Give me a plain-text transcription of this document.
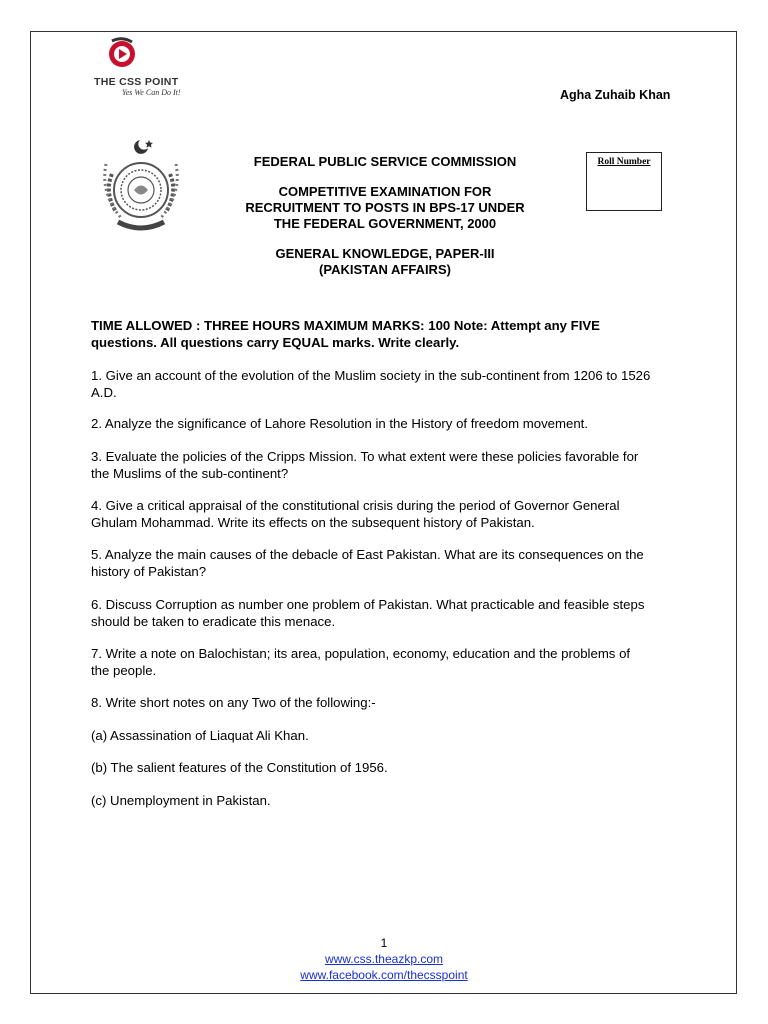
THE CSS POINT
Yes We Can Do It!	Agha Zuhaib Khan
FEDERAL PUBLIC SERVICE COMMISSION
COMPETITIVE EXAMINATION FOR
RECRUITMENT TO POSTS IN BPS-17 UNDER
THE FEDERAL GOVERNMENT, 2000
GENERAL KNOWLEDGE, PAPER-III
(PAKISTAN AFFAIRS)
Roll Number
TIME ALLOWED : THREE HOURS MAXIMUM MARKS: 100 Note: Attempt any FIVE
questions. All questions carry EQUAL marks. Write clearly.
1. Give an account of the evolution of the Muslim society in the sub-continent from 1206 to 1526
A.D.
2. Analyze the significance of Lahore Resolution in the History of freedom movement.
3. Evaluate the policies of the Cripps Mission. To what extent were these policies favorable for
the Muslims of the sub-continent?
4. Give a critical appraisal of the constitutional crisis during the period of Governor General
Ghulam Mohammad. Write its effects on the subsequent history of Pakistan.
5. Analyze the main causes of the debacle of East Pakistan. What are its consequences on the
history of Pakistan?
6. Discuss Corruption as number one problem of Pakistan. What practicable and feasible steps
should be taken to eradicate this menace.
7. Write a note on Balochistan; its area, population, economy, education and the problems of
the people.
8. Write short notes on any Two of the following:-
(a) Assassination of Liaquat Ali Khan.
(b) The salient features of the Constitution of 1956.
(c) Unemployment in Pakistan.
1
www.css.theazkp.com
www.facebook.com/thecsspoint
